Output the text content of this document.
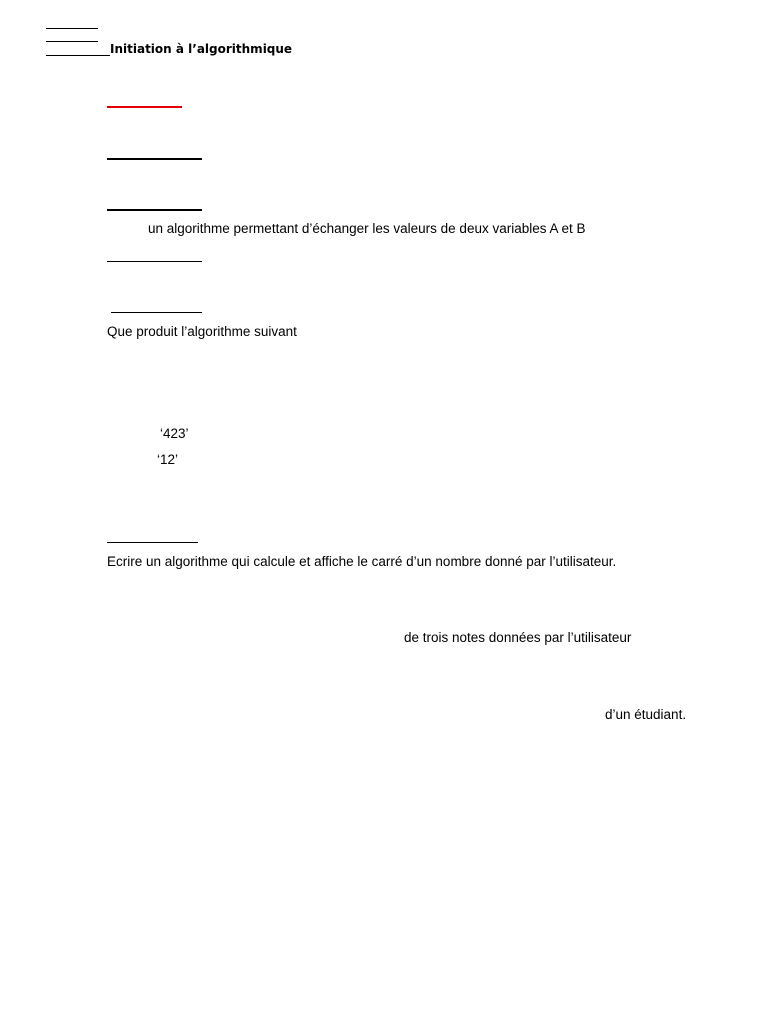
Initiation à l’algorithmique
un algorithme permettant d’échanger les valeurs de deux variables A et B
Que produit l’algorithme suivant
‘423’
‘12’
Ecrire un algorithme qui calcule et affiche le carré d’un nombre donné par l’utilisateur.
de trois notes données par l’utilisateur
d’un étudiant.
